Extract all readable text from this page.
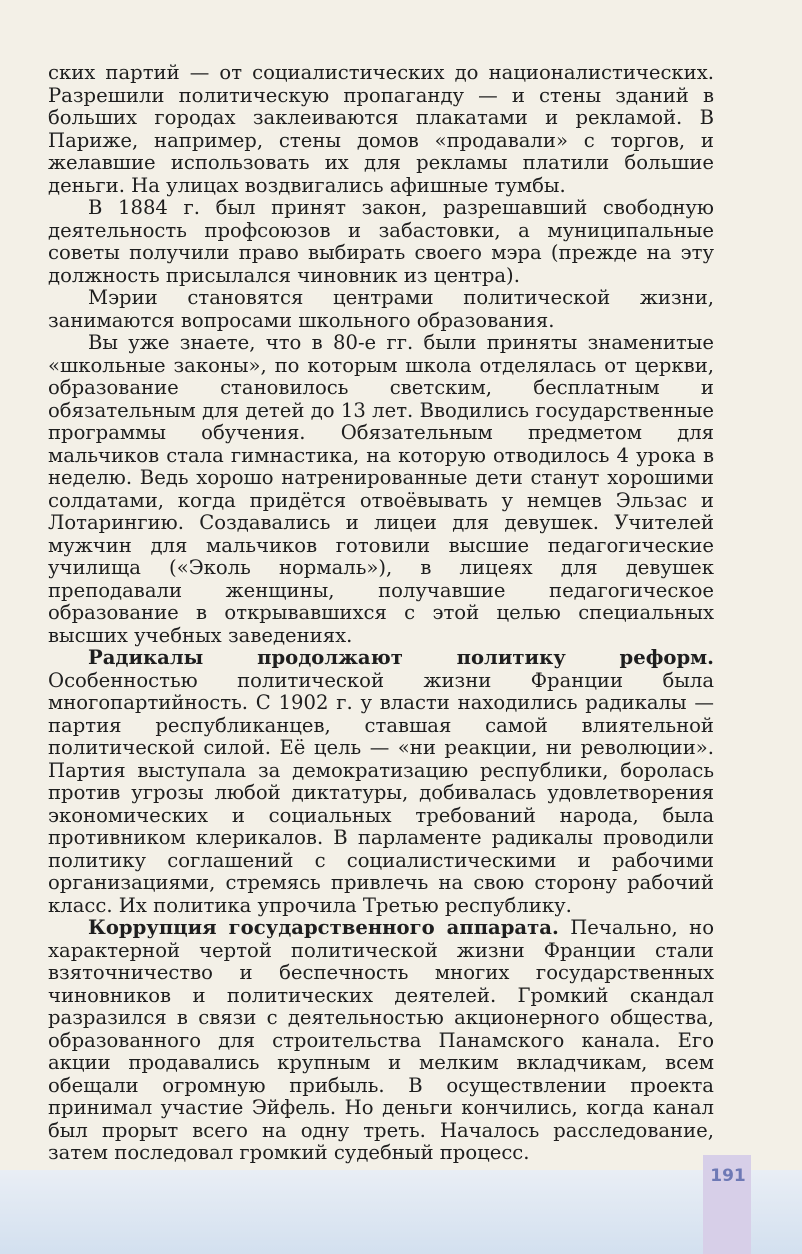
ских партий — от социалистических до националистических. Разрешили политическую пропаганду — и стены зданий в больших городах заклеиваются плакатами и рекламой. В Париже, например, стены домов «продавали» с торгов, и желавшие использовать их для рекламы платили большие деньги. На улицах воздвигались афишные тумбы.

В 1884 г. был принят закон, разрешавший свободную деятельность профсоюзов и забастовки, а муниципальные советы получили право выбирать своего мэра (прежде на эту должность присылался чиновник из центра).

Мэрии становятся центрами политической жизни, занимаются вопросами школьного образования.

Вы уже знаете, что в 80-е гг. были приняты знаменитые «школьные законы», по которым школа отделялась от церкви, образование становилось светским, бесплатным и обязательным для детей до 13 лет. Вводились государственные программы обучения. Обязательным предметом для мальчиков стала гимнастика, на которую отводилось 4 урока в неделю. Ведь хорошо натренированные дети станут хорошими солдатами, когда придётся отвоёвывать у немцев Эльзас и Лотарингию. Создавались и лицеи для девушек. Учителей мужчин для мальчиков готовили высшие педагогические училища («Эколь нормаль»), в лицеях для девушек преподавали женщины, получавшие педагогическое образование в открывавшихся с этой целью специальных высших учебных заведениях.

Радикалы продолжают политику реформ. Особенностью политической жизни Франции была многопартийность. С 1902 г. у власти находились радикалы — партия республиканцев, ставшая самой влиятельной политической силой. Её цель — «ни реакции, ни революции». Партия выступала за демократизацию республики, боролась против угрозы любой диктатуры, добивалась удовлетворения экономических и социальных требований народа, была противником клерикалов. В парламенте радикалы проводили политику соглашений с социалистическими и рабочими организациями, стремясь привлечь на свою сторону рабочий класс. Их политика упрочила Третью республику.

Коррупция государственного аппарата. Печально, но характерной чертой политической жизни Франции стали взяточничество и беспечность многих государственных чиновников и политических деятелей. Громкий скандал разразился в связи с деятельностью акционерного общества, образованного для строительства Панамского канала. Его акции продавались крупным и мелким вкладчикам, всем обещали огромную прибыль. В осуществлении проекта принимал участие Эйфель. Но деньги кончились, когда канал был прорыт всего на одну треть. Началось расследование, затем последовал громкий судебный процесс.

191
